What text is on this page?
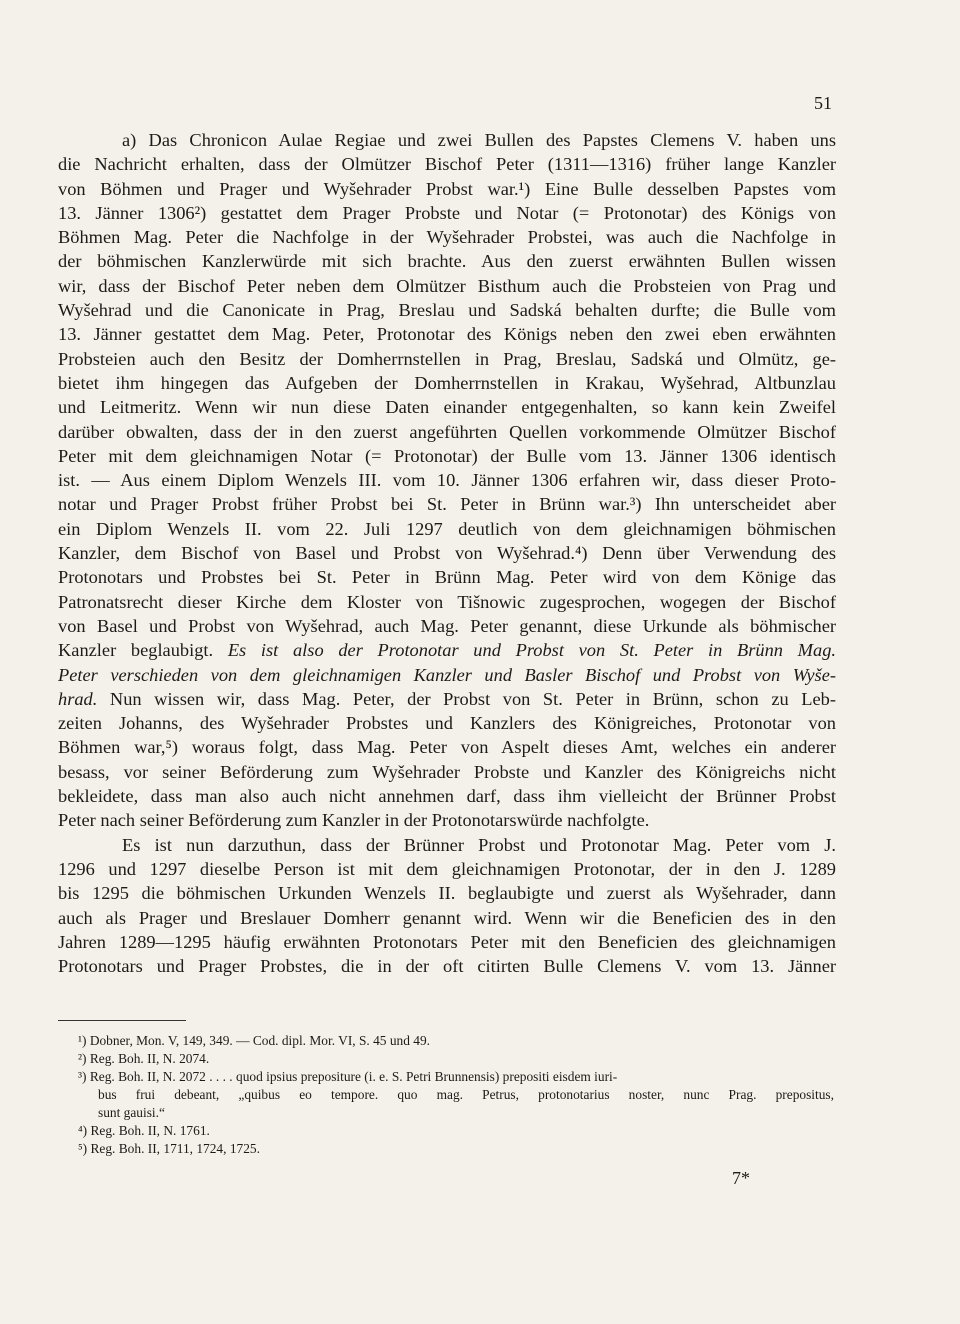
51
a) Das Chronicon Aulae Regiae und zwei Bullen des Papstes Clemens V. haben uns
die Nachricht erhalten, dass der Olmützer Bischof Peter (1311—1316) früher lange Kanzler
von Böhmen und Prager und Wyšehrader Probst war.¹) Eine Bulle desselben Papstes vom
13. Jänner 1306²) gestattet dem Prager Probste und Notar (= Protonotar) des Königs von
Böhmen Mag. Peter die Nachfolge in der Wyšehrader Probstei, was auch die Nachfolge in
der böhmischen Kanzlerwürde mit sich brachte. Aus den zuerst erwähnten Bullen wissen
wir, dass der Bischof Peter neben dem Olmützer Bisthum auch die Probsteien von Prag und
Wyšehrad und die Canonicate in Prag, Breslau und Sadská behalten durfte; die Bulle vom
13. Jänner gestattet dem Mag. Peter, Protonotar des Königs neben den zwei eben erwähnten
Probsteien auch den Besitz der Domherrnstellen in Prag, Breslau, Sadská und Olmütz, ge-
bietet ihm hingegen das Aufgeben der Domherrnstellen in Krakau, Wyšehrad, Altbunzlau
und Leitmeritz. Wenn wir nun diese Daten einander entgegenhalten, so kann kein Zweifel
darüber obwalten, dass der in den zuerst angeführten Quellen vorkommende Olmützer Bischof
Peter mit dem gleichnamigen Notar (= Protonotar) der Bulle vom 13. Jänner 1306 identisch
ist. — Aus einem Diplom Wenzels III. vom 10. Jänner 1306 erfahren wir, dass dieser Proto-
notar und Prager Probst früher Probst bei St. Peter in Brünn war.³) Ihn unterscheidet aber
ein Diplom Wenzels II. vom 22. Juli 1297 deutlich von dem gleichnamigen böhmischen
Kanzler, dem Bischof von Basel und Probst von Wyšehrad.⁴) Denn über Verwendung des
Protonotars und Probstes bei St. Peter in Brünn Mag. Peter wird von dem Könige das
Patronatsrecht dieser Kirche dem Kloster von Tišnowic zugesprochen, wogegen der Bischof
von Basel und Probst von Wyšehrad, auch Mag. Peter genannt, diese Urkunde als böhmischer
Kanzler beglaubigt. Es ist also der Protonotar und Probst von St. Peter in Brünn Mag.
Peter verschieden von dem gleichnamigen Kanzler und Basler Bischof und Probst von Wyše-
hrad. Nun wissen wir, dass Mag. Peter, der Probst von St. Peter in Brünn, schon zu Leb-
zeiten Johanns, des Wyšehrader Probstes und Kanzlers des Königreiches, Protonotar von
Böhmen war,⁵) woraus folgt, dass Mag. Peter von Aspelt dieses Amt, welches ein anderer
besass, vor seiner Beförderung zum Wyšehrader Probste und Kanzler des Königreichs nicht
bekleidete, dass man also auch nicht annehmen darf, dass ihm vielleicht der Brünner Probst
Peter nach seiner Beförderung zum Kanzler in der Protonotarswürde nachfolgte.
Es ist nun darzuthun, dass der Brünner Probst und Protonotar Mag. Peter vom J.
1296 und 1297 dieselbe Person ist mit dem gleichnamigen Protonotar, der in den J. 1289
bis 1295 die böhmischen Urkunden Wenzels II. beglaubigte und zuerst als Wyšehrader, dann
auch als Prager und Breslauer Domherr genannt wird. Wenn wir die Beneficien des in den
Jahren 1289—1295 häufig erwähnten Protonotars Peter mit den Beneficien des gleichnamigen
Protonotars und Prager Probstes, die in der oft citirten Bulle Clemens V. vom 13. Jänner
¹) Dobner, Mon. V, 149, 349. — Cod. dipl. Mor. VI, S. 45 und 49.
²) Reg. Boh. II, N. 2074.
³) Reg. Boh. II, N. 2072 . . . . quod ipsius prepositure (i. e. S. Petri Brunnensis) prepositi eisdem iuri-
bus frui debeant, „quibus eo tempore. quo mag. Petrus, protonotarius noster, nunc Prag. prepositus,
sunt gauisi.“
⁴) Reg. Boh. II, N. 1761.
⁵) Reg. Boh. II, 1711, 1724, 1725.
7*
